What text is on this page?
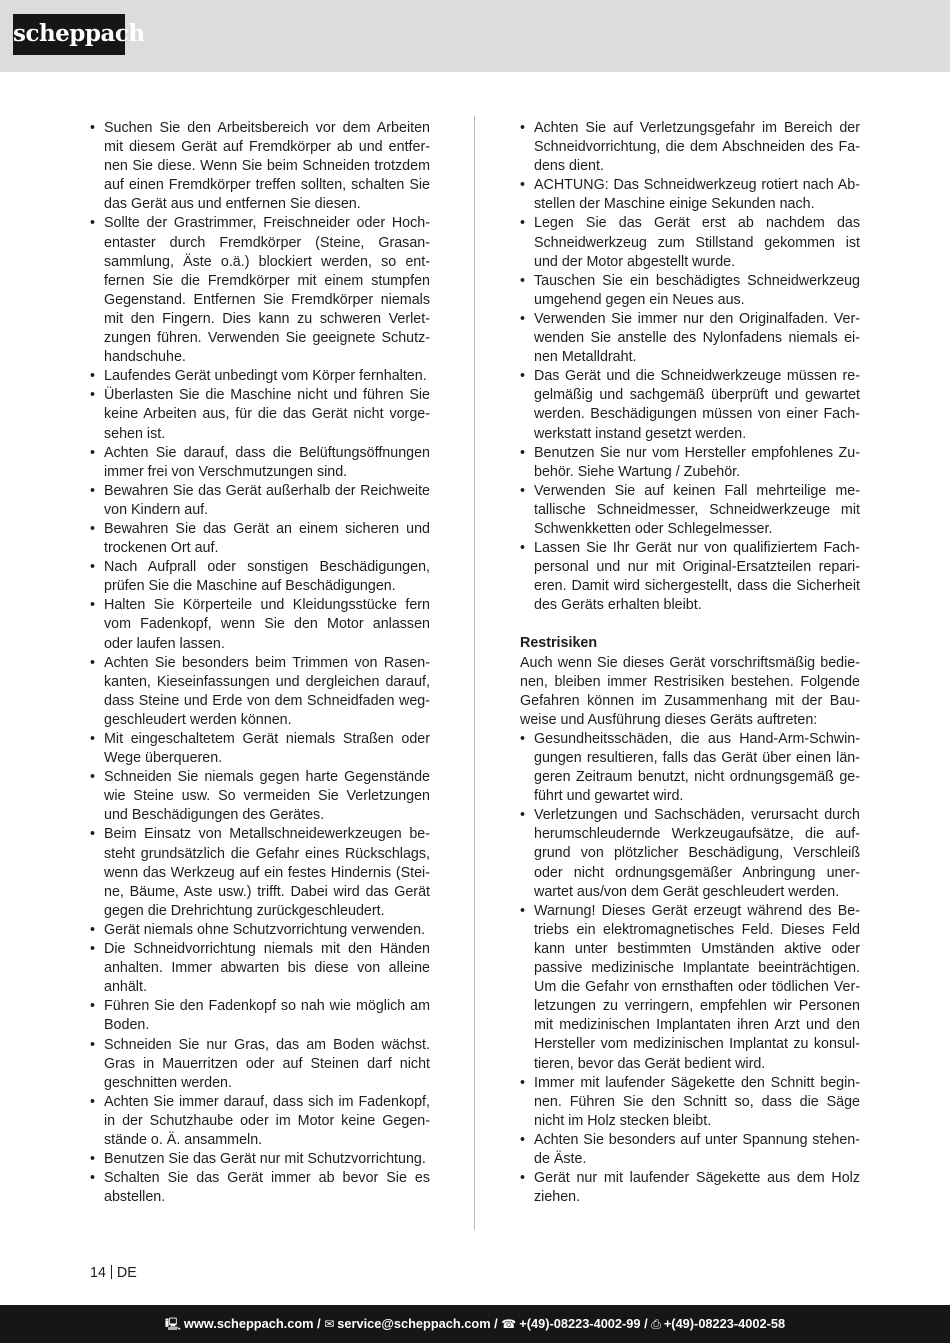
scheppach
• Suchen Sie den Arbeitsbereich vor dem Arbeiten mit diesem Gerät auf Fremdkörper ab und entfernen Sie diese. Wenn Sie beim Schneiden trotzdem auf einen Fremdkörper treffen sollten, schalten Sie das Gerät aus und entfernen Sie diesen.
• Sollte der Grastrimmer, Freischneider oder Hochentaster durch Fremdkörper (Steine, Grasansammlung, Äste o.ä.) blockiert werden, so entfernen Sie die Fremdkörper mit einem stumpfen Gegenstand. Entfernen Sie Fremdkörper niemals mit den Fingern. Dies kann zu schweren Verletzungen führen. Verwenden Sie geeignete Schutzhandschuhe.
• Laufendes Gerät unbedingt vom Körper fernhalten.
• Überlasten Sie die Maschine nicht und führen Sie keine Arbeiten aus, für die das Gerät nicht vorgesehen ist.
• Achten Sie darauf, dass die Belüftungsöffnungen immer frei von Verschmutzungen sind.
• Bewahren Sie das Gerät außerhalb der Reichweite von Kindern auf.
• Bewahren Sie das Gerät an einem sicheren und trockenen Ort auf.
• Nach Aufprall oder sonstigen Beschädigungen, prüfen Sie die Maschine auf Beschädigungen.
• Halten Sie Körperteile und Kleidungsstücke fern vom Fadenkopf, wenn Sie den Motor anlassen oder laufen lassen.
• Achten Sie besonders beim Trimmen von Rasenkanten, Kieseinfassungen und dergleichen darauf, dass Steine und Erde von dem Schneidfaden weggeschleudert werden können.
• Mit eingeschaltetem Gerät niemals Straßen oder Wege überqueren.
• Schneiden Sie niemals gegen harte Gegenstände wie Steine usw. So vermeiden Sie Verletzungen und Beschädigungen des Gerätes.
• Beim Einsatz von Metallschneidewerkzeugen besteht grundsätzlich die Gefahr eines Rückschlags, wenn das Werkzeug auf ein festes Hindernis (Steine, Bäume, Aste usw.) trifft. Dabei wird das Gerät gegen die Drehrichtung zurückgeschleudert.
• Gerät niemals ohne Schutzvorrichtung verwenden.
• Die Schneidvorrichtung niemals mit den Händen anhalten. Immer abwarten bis diese von alleine anhält.
• Führen Sie den Fadenkopf so nah wie möglich am Boden.
• Schneiden Sie nur Gras, das am Boden wächst. Gras in Mauerritzen oder auf Steinen darf nicht geschnitten werden.
• Achten Sie immer darauf, dass sich im Fadenkopf, in der Schutzhaube oder im Motor keine Gegenstände o. Ä. ansammeln.
• Benutzen Sie das Gerät nur mit Schutzvorrichtung.
• Schalten Sie das Gerät immer ab bevor Sie es abstellen.
• Achten Sie auf Verletzungsgefahr im Bereich der Schneidvorrichtung, die dem Abschneiden des Fadens dient.
• ACHTUNG: Das Schneidwerkzeug rotiert nach Abstellen der Maschine einige Sekunden nach.
• Legen Sie das Gerät erst ab nachdem das Schneidwerkzeug zum Stillstand gekommen ist und der Motor abgestellt wurde.
• Tauschen Sie ein beschädigtes Schneidwerkzeug umgehend gegen ein Neues aus.
• Verwenden Sie immer nur den Originalfaden. Verwenden Sie anstelle des Nylonfadens niemals einen Metalldraht.
• Das Gerät und die Schneidwerkzeuge müssen regelmäßig und sachgemäß überprüft und gewartet werden. Beschädigungen müssen von einer Fachwerkstatt instand gesetzt werden.
• Benutzen Sie nur vom Hersteller empfohlenes Zubehör. Siehe Wartung / Zubehör.
• Verwenden Sie auf keinen Fall mehrteilige metallische Schneidmesser, Schneidwerkzeuge mit Schwenkketten oder Schlegelmesser.
• Lassen Sie Ihr Gerät nur von qualifiziertem Fachpersonal und nur mit Original-Ersatzteilen reparieren. Damit wird sichergestellt, dass die Sicherheit des Geräts erhalten bleibt.
Restrisiken

Auch wenn Sie dieses Gerät vorschriftsmäßig bedienen, bleiben immer Restrisiken bestehen. Folgende Gefahren können im Zusammenhang mit der Bauweise und Ausführung dieses Geräts auftreten:

• Gesundheitsschäden, die aus Hand-Arm-Schwingungen resultieren, falls das Gerät über einen längeren Zeitraum benutzt, nicht ordnungsgemäß geführt und gewartet wird.
• Verletzungen und Sachschäden, verursacht durch herumschleudernde Werkzeugaufsätze, die aufgrund von plötzlicher Beschädigung, Verschleiß oder nicht ordnungsgemäßer Anbringung unerwartet aus/von dem Gerät geschleudert werden.
• Warnung! Dieses Gerät erzeugt während des Betriebs ein elektromagnetisches Feld. Dieses Feld kann unter bestimmten Umständen aktive oder passive medizinische Implantate beeinträchtigen. Um die Gefahr von ernsthaften oder tödlichen Verletzungen zu verringern, empfehlen wir Personen mit medizinischen Implantaten ihren Arzt und den Hersteller vom medizinischen Implantat zu konsultieren, bevor das Gerät bedient wird.
• Immer mit laufender Sägekette den Schnitt beginnen. Führen Sie den Schnitt so, dass die Säge nicht im Holz stecken bleibt.
• Achten Sie besonders auf unter Spannung stehende Äste.
• Gerät nur mit laufender Sägekette aus dem Holz ziehen.
14 DE
🖳 www.scheppach.com / ✉ service@scheppach.com / ☎ +(49)-08223-4002-99 / ⎙ +(49)-08223-4002-58
